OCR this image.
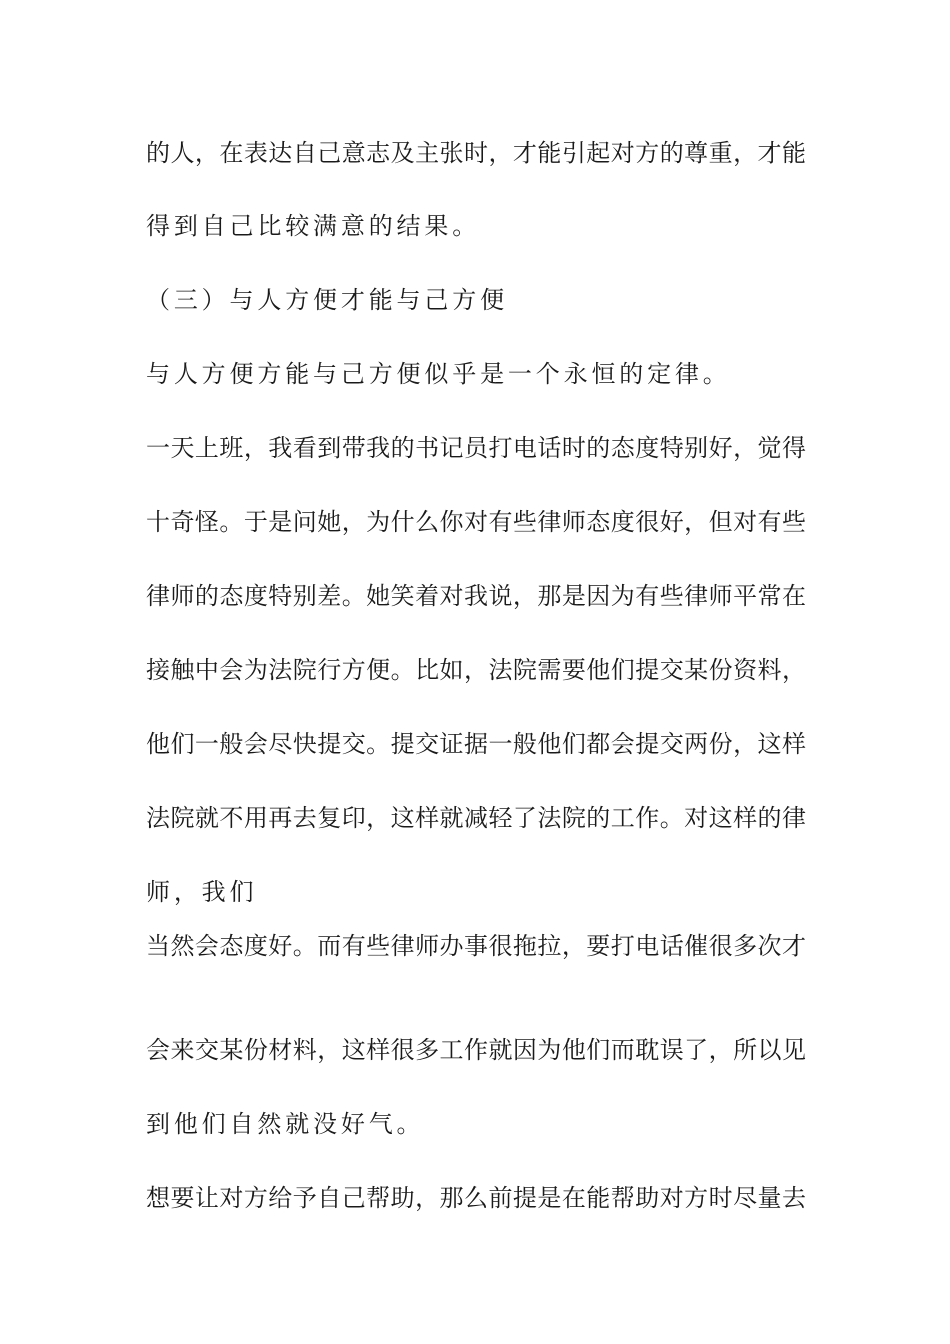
的人，在表达自己意志及主张时，才能引起对方的尊重，才能
得到自己比较满意的结果。
（三）与人方便才能与己方便
与人方便方能与己方便似乎是一个永恒的定律。
一天上班，我看到带我的书记员打电话时的态度特别好，觉得
十奇怪。于是问她，为什么你对有些律师态度很好，但对有些
律师的态度特别差。她笑着对我说，那是因为有些律师平常在
接触中会为法院行方便。比如，法院需要他们提交某份资料，
他们一般会尽快提交。提交证据一般他们都会提交两份，这样
法院就不用再去复印，这样就减轻了法院的工作。对这样的律
师，我们
当然会态度好。而有些律师办事很拖拉，要打电话催很多次才
会来交某份材料，这样很多工作就因为他们而耽误了，所以见
到他们自然就没好气。
想要让对方给予自己帮助，那么前提是在能帮助对方时尽量去
